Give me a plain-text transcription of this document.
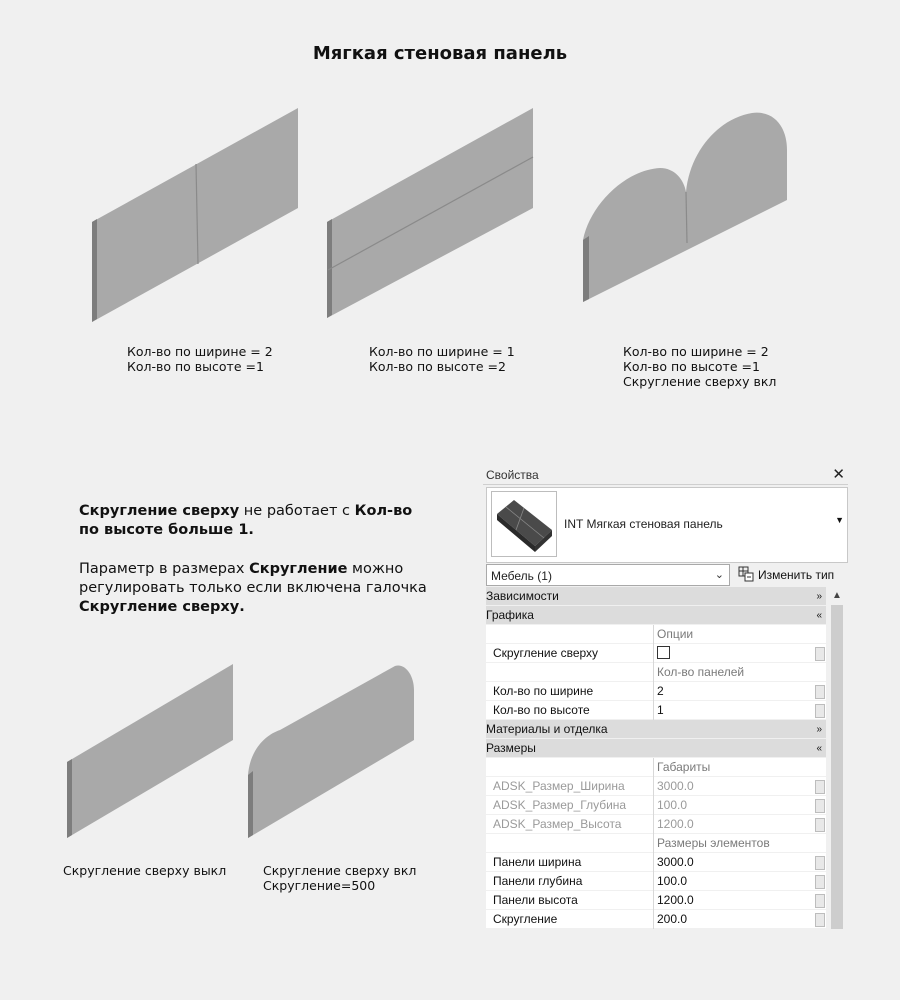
Мягкая стеновая панель
Кол-во по ширине = 2
Кол-во по высоте =1
Кол-во по ширине = 1
Кол-во по высоте =2
Кол-во по ширине = 2
Кол-во по высоте =1
Скругление сверху вкл
Скругление сверху выкл	Скругление сверху вкл
Скругление=500
Скругление сверху не работает с Кол-во по высоте больше 1.
Параметр в размерах Скругление можно регулировать только если включена галочка Скругление сверху.
Свойства	✕
INT Мягкая стеновая панель	▼
Мебель (1)	⌄	Изменить тип
Зависимости	»
Графика	«
Опции
Скругление сверху
Кол-во панелей
Кол-во по ширине	2
Кол-во по высоте	1
Материалы и отделка	»
Размеры	«
Габариты
ADSK_Размер_Ширина	3000.0
ADSK_Размер_Глубина	100.0
ADSK_Размер_Высота	1200.0
Размеры элементов
Панели ширина	3000.0
Панели глубина	100.0
Панели высота	1200.0
Скругление	200.0
▲
